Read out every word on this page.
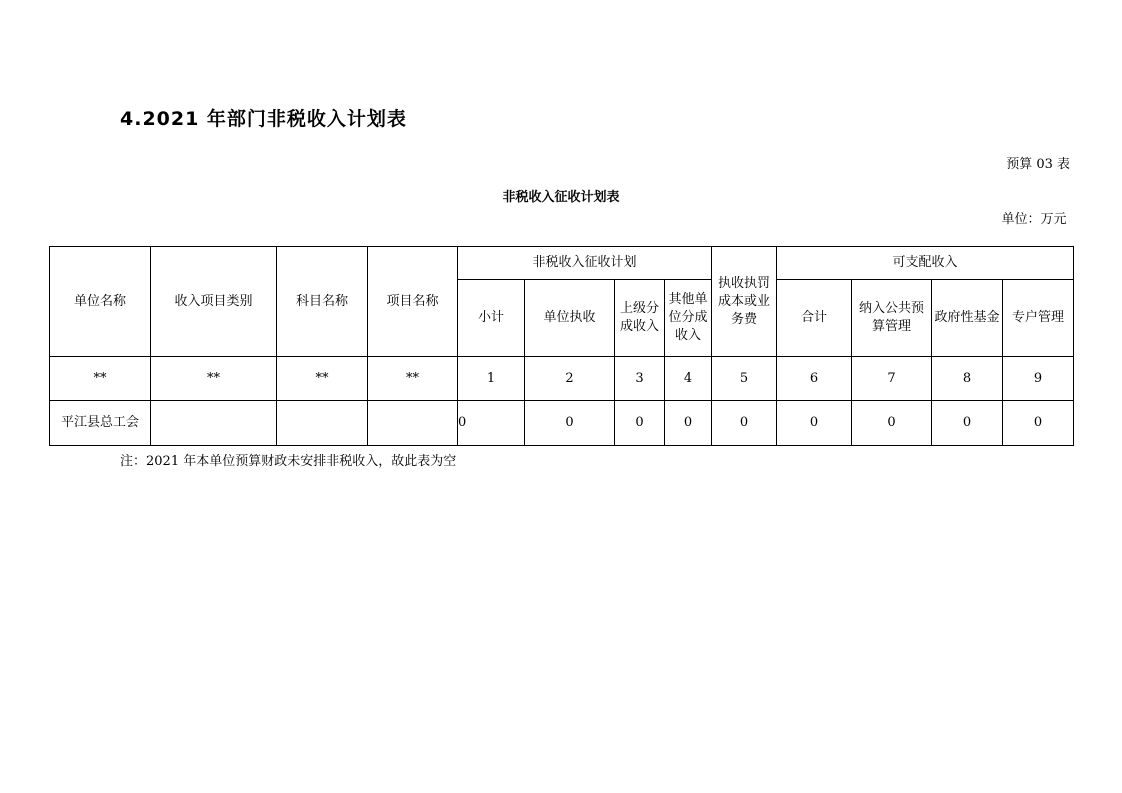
4.2021 年部门非税收入计划表
预算 03 表
非税收入征收计划表
单位：万元
单位名称	收入项目类别	科目名称	项目名称	非税收入征收计划				执收执罚成本或业务费	可支配收入			
				小计	单位执收	上级分成收入	其他单位分成收入		合计	纳入公共预算管理	政府性基金	专户管理
**	**	**	**	1	2	3	4	5	6	7	8	9
平江县总工会				0	0	0	0	0	0	0	0	0
注：2021 年本单位预算财政未安排非税收入，故此表为空
